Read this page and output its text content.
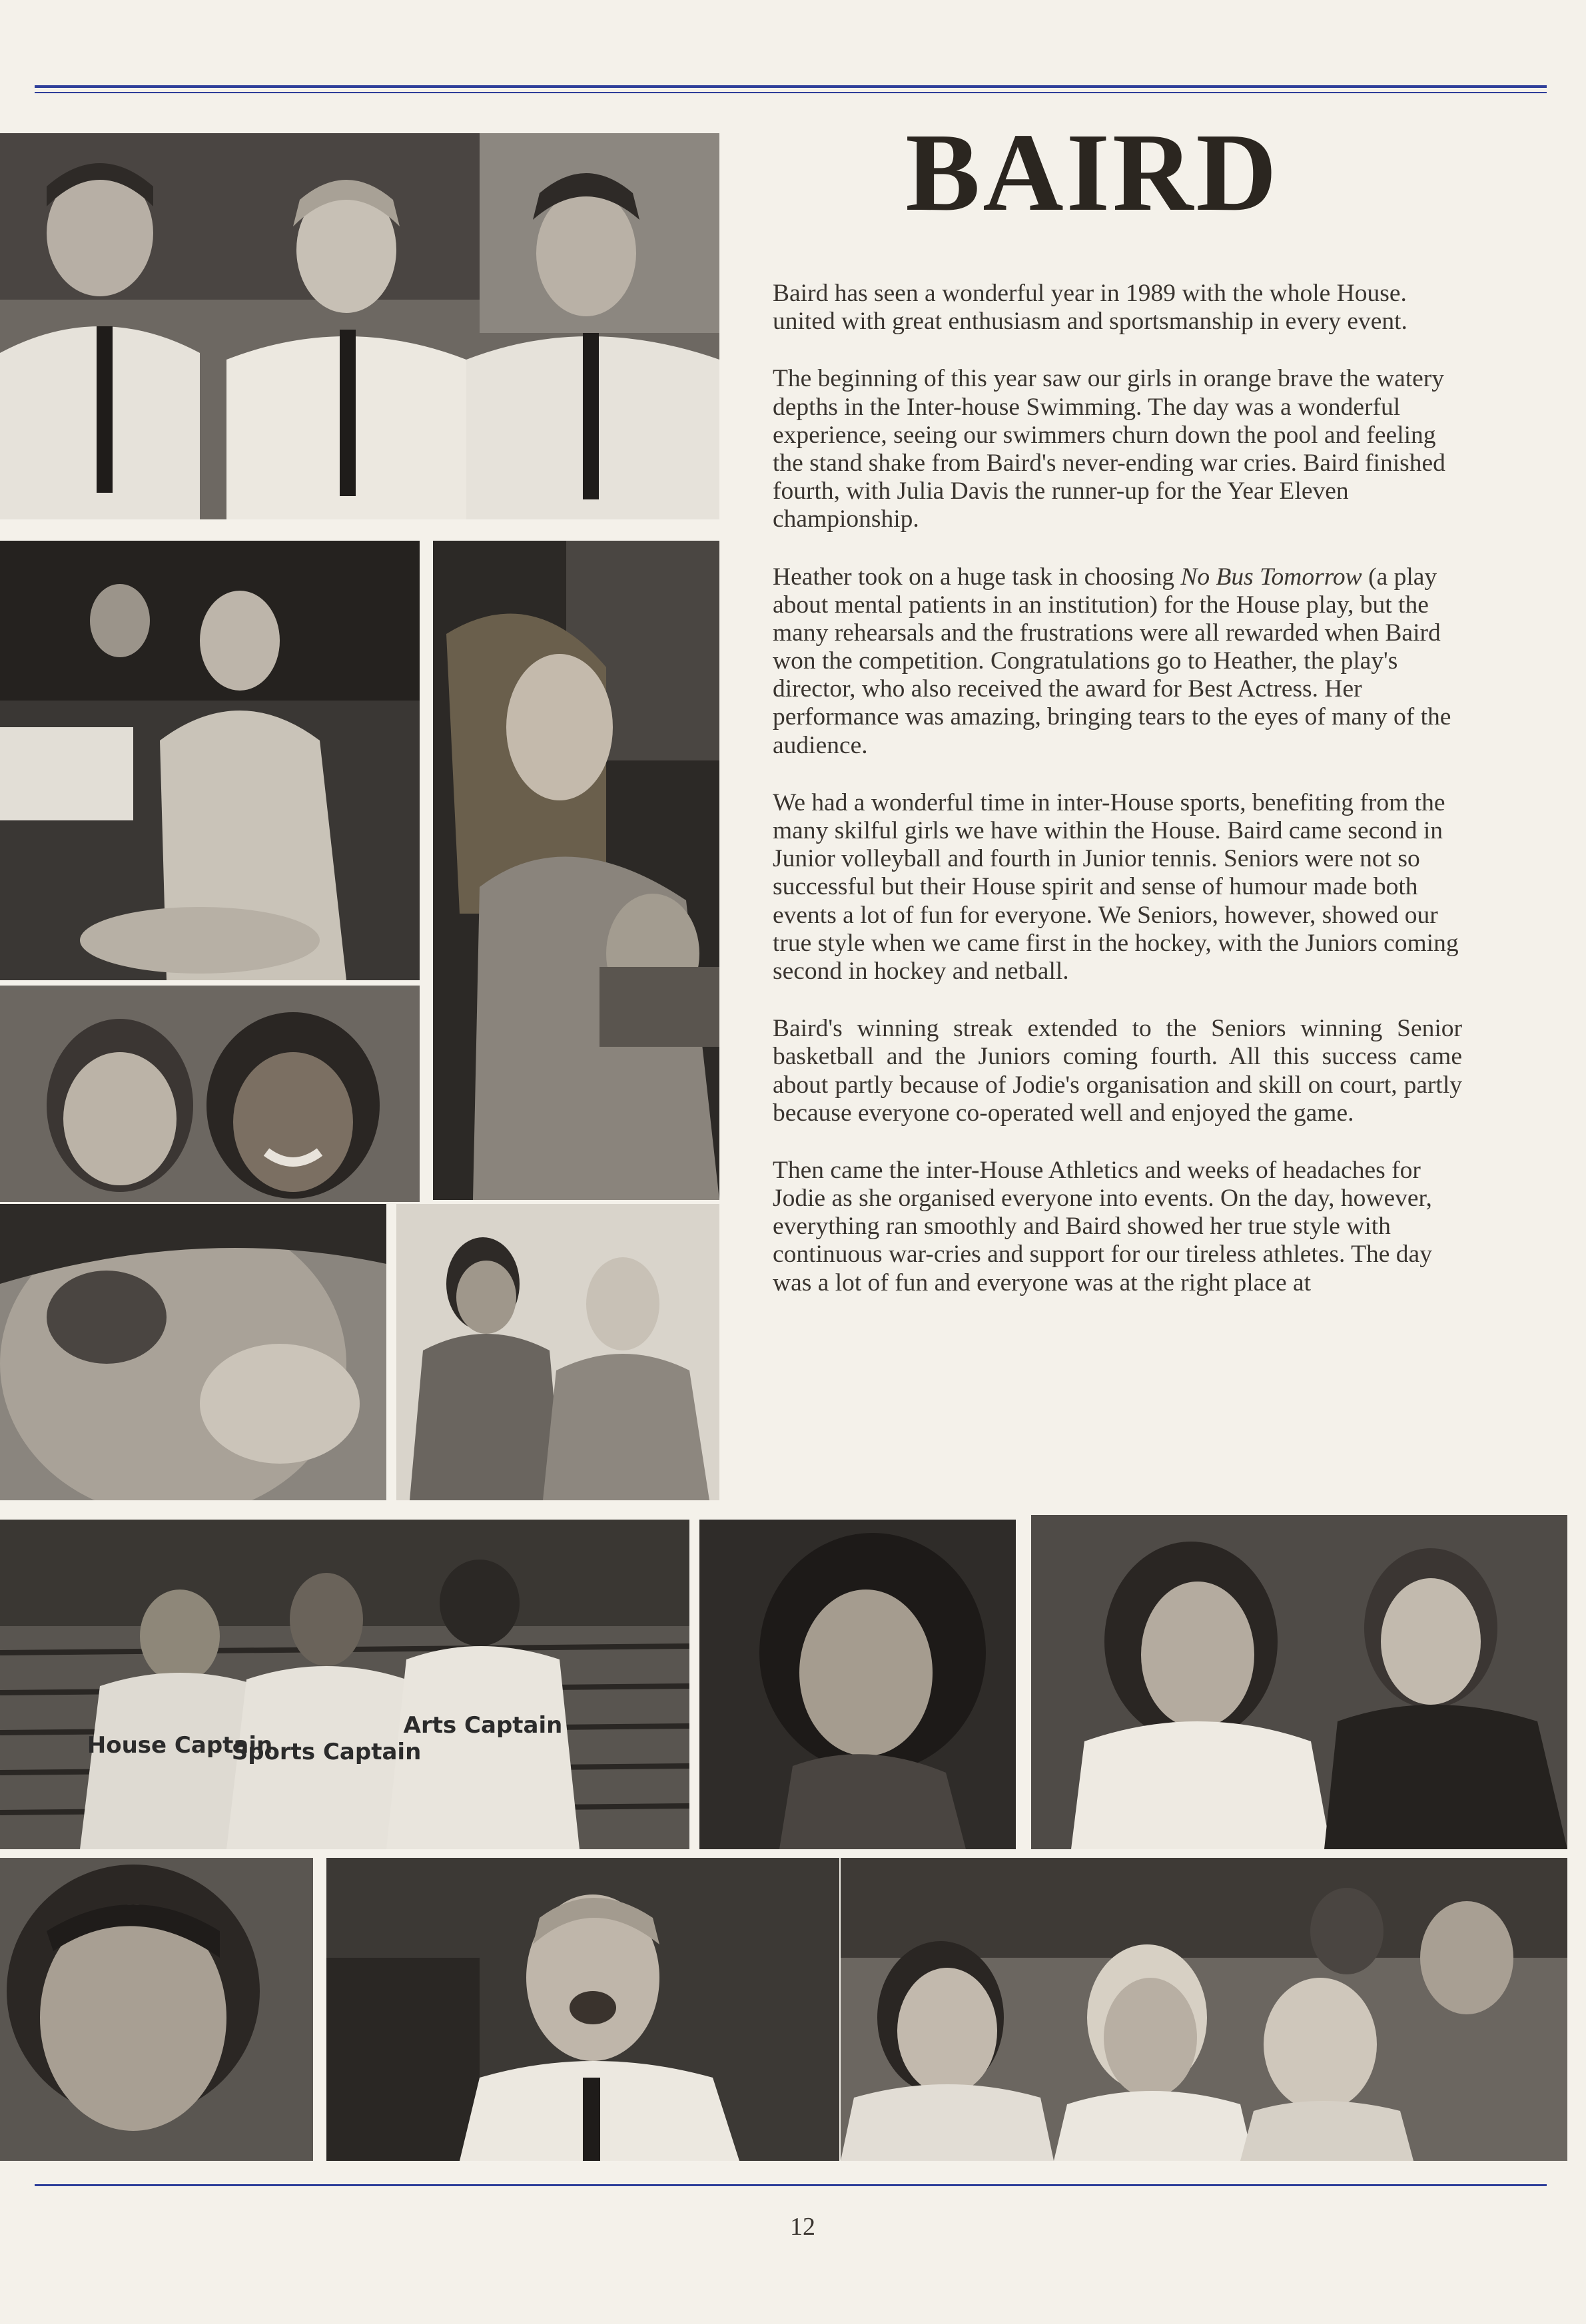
BAIRD

Baird has seen a wonderful year in 1989 with the whole House. united with great enthusiasm and sportsmanship in every event.

The beginning of this year saw our girls in orange brave the watery depths in the Inter-house Swimming. The day was a wonderful experience, seeing our swimmers churn down the pool and feeling the stand shake from Baird's never-ending war cries. Baird finished fourth, with Julia Davis the runner-up for the Year Eleven championship.

Heather took on a huge task in choosing No Bus Tomorrow (a play about mental patients in an institution) for the House play, but the many rehearsals and the frustrations were all rewarded when Baird won the competition. Congratulations go to Heather, the play's director, who also received the award for Best Actress. Her performance was amazing, bringing tears to the eyes of many of the audience.

We had a wonderful time in inter-House sports, benefiting from the many skilful girls we have within the House. Baird came second in Junior volleyball and fourth in Junior tennis. Seniors were not so successful but their House spirit and sense of humour made both events a lot of fun for everyone. We Seniors, however, showed our true style when we came first in the hockey, with the Juniors coming second in hockey and netball.

Baird's winning streak extended to the Seniors winning Senior basketball and the Juniors coming fourth. All this success came about partly because of Jodie's organisation and skill on court, partly because everyone co-operated well and enjoyed the game.

Then came the inter-House Athletics and weeks of headaches for Jodie as she organised everyone into events. On the day, however, everything ran smoothly and Baird showed her true style with continuous war-cries and support for our tireless athletes. The day was a lot of fun and everyone was at the right place at

House Captain
Sports Captain
Arts Captain
12
